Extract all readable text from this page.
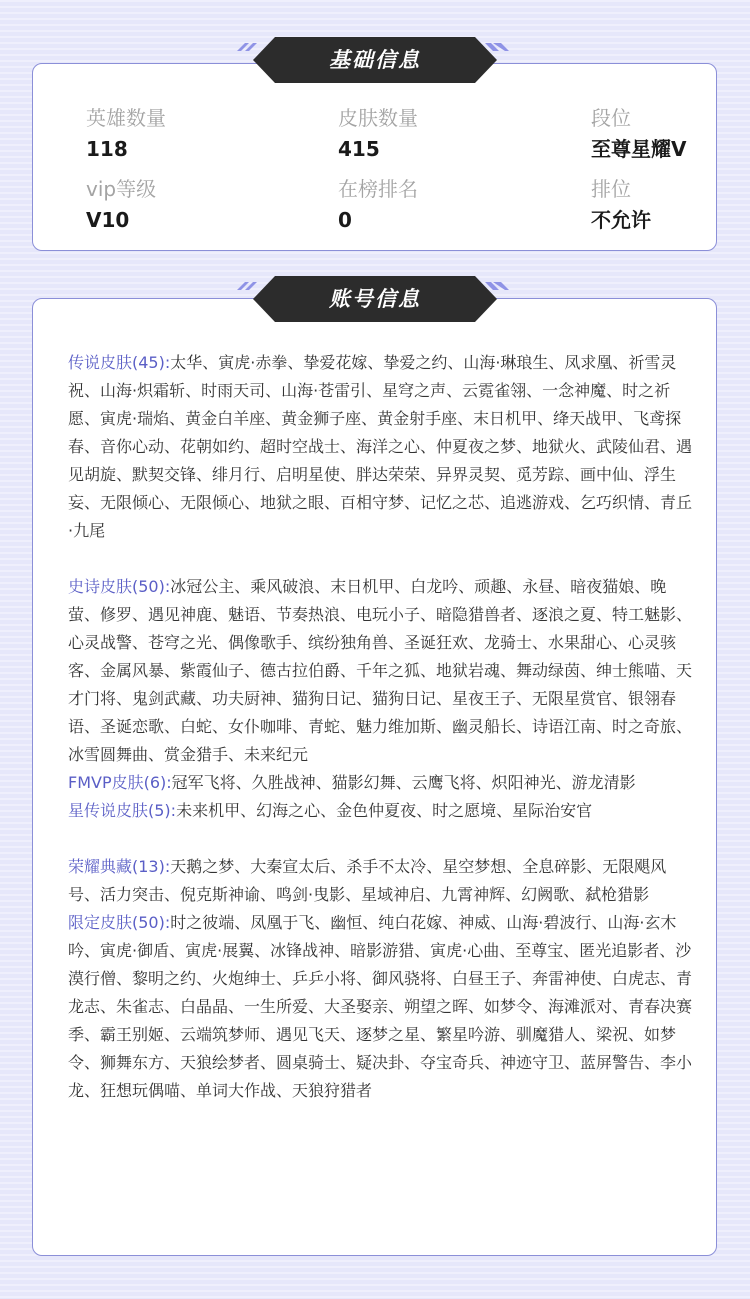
英雄数量
118
皮肤数量
415
段位
至尊星耀V
vip等级
V10
在榜排名
0
排位
不允许
基础信息

传说皮肤(45):太华、寅虎·赤拳、挚爱花嫁、挚爱之约、山海·琳琅生、凤求凰、祈雪灵祝、山海·炽霜斩、时雨天司、山海·苍雷引、星穹之声、云霓雀翎、一念神魔、时之祈愿、寅虎·瑞焰、黄金白羊座、黄金狮子座、黄金射手座、末日机甲、绛天战甲、飞鸢探春、音你心动、花朝如约、超时空战士、海洋之心、仲夏夜之梦、地狱火、武陵仙君、遇见胡旋、默契交锋、绯月行、启明星使、胖达荣荣、异界灵契、觅芳踪、画中仙、浮生妄、无限倾心、无限倾心、地狱之眼、百相守梦、记忆之芯、追逃游戏、乞巧织情、青丘·九尾

史诗皮肤(50):冰冠公主、乘风破浪、末日机甲、白龙吟、顽趣、永昼、暗夜猫娘、晚萤、修罗、遇见神鹿、魅语、节奏热浪、电玩小子、暗隐猎兽者、逐浪之夏、特工魅影、心灵战警、苍穹之光、偶像歌手、缤纷独角兽、圣诞狂欢、龙骑士、水果甜心、心灵骇客、金属风暴、紫霞仙子、德古拉伯爵、千年之狐、地狱岩魂、舞动绿茵、绅士熊喵、天才门将、鬼剑武藏、功夫厨神、猫狗日记、猫狗日记、星夜王子、无限星赏官、银翎春语、圣诞恋歌、白蛇、女仆咖啡、青蛇、魅力维加斯、幽灵船长、诗语江南、时之奇旅、冰雪圆舞曲、赏金猎手、未来纪元

FMVP皮肤(6):冠军飞将、久胜战神、猫影幻舞、云鹰飞将、炽阳神光、游龙清影

星传说皮肤(5):未来机甲、幻海之心、金色仲夏夜、时之愿境、星际治安官

荣耀典藏(13):天鹅之梦、大秦宣太后、杀手不太冷、星空梦想、全息碎影、无限飓风号、活力突击、倪克斯神谕、鸣剑·曳影、星域神启、九霄神辉、幻阙歌、弑枪猎影

限定皮肤(50):时之彼端、凤凰于飞、幽恒、纯白花嫁、神威、山海·碧波行、山海·玄木吟、寅虎·御盾、寅虎·展翼、冰锋战神、暗影游猎、寅虎·心曲、至尊宝、匿光追影者、沙漠行僧、黎明之约、火炮绅士、乒乒小将、御风骁将、白昼王子、奔雷神使、白虎志、青龙志、朱雀志、白晶晶、一生所爱、大圣娶亲、朔望之晖、如梦令、海滩派对、青春决赛季、霸王别姬、云端筑梦师、遇见飞天、逐梦之星、繁星吟游、驯魔猎人、梁祝、如梦令、狮舞东方、天狼绘梦者、圆桌骑士、疑决卦、夺宝奇兵、神迹守卫、蓝屏警告、李小龙、狂想玩偶喵、单词大作战、天狼狩猎者

账号信息
